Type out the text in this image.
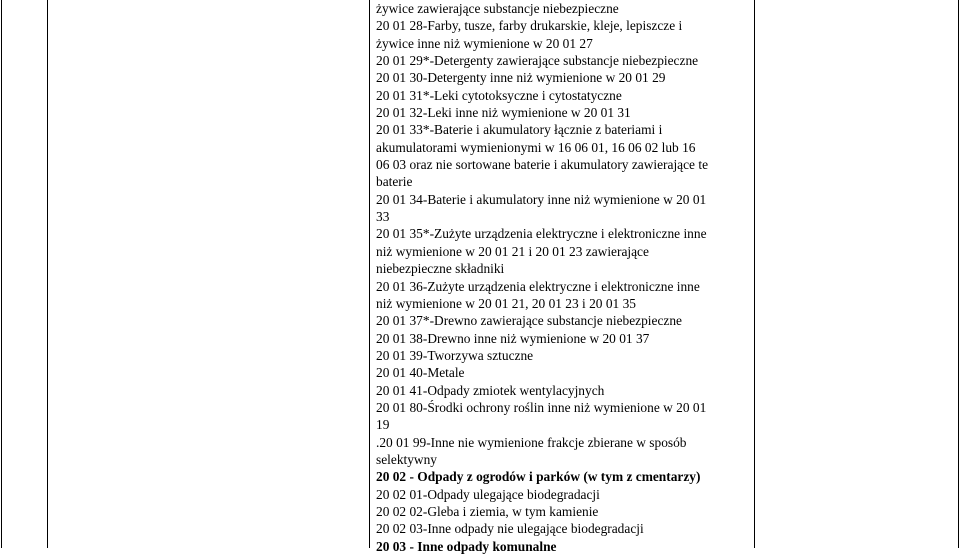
żywice zawierające substancje niebezpieczne
20 01 28-Farby, tusze, farby drukarskie, kleje, lepiszcze i
żywice inne niż wymienione w 20 01 27
20 01 29*-Detergenty zawierające substancje niebezpieczne
20 01 30-Detergenty inne niż wymienione w 20 01 29
20 01 31*-Leki cytotoksyczne i cytostatyczne
20 01 32-Leki inne niż wymienione w 20 01 31
20 01 33*-Baterie i akumulatory łącznie z bateriami i
akumulatorami wymienionymi w 16 06 01, 16 06 02 lub 16
06 03 oraz nie sortowane baterie i akumulatory zawierające te
baterie
20 01 34-Baterie i akumulatory inne niż wymienione w 20 01
33
20 01 35*-Zużyte urządzenia elektryczne i elektroniczne inne
niż wymienione w 20 01 21 i 20 01 23 zawierające
niebezpieczne składniki
20 01 36-Zużyte urządzenia elektryczne i elektroniczne inne
niż wymienione w 20 01 21, 20 01 23 i 20 01 35
20 01 37*-Drewno zawierające substancje niebezpieczne
20 01 38-Drewno inne niż wymienione w 20 01 37
20 01 39-Tworzywa sztuczne
20 01 40-Metale
20 01 41-Odpady zmiotek wentylacyjnych
20 01 80-Środki ochrony roślin inne niż wymienione w 20 01
19
.20 01 99-Inne nie wymienione frakcje zbierane w sposób
selektywny
20 02 - Odpady z ogrodów i parków (w tym z cmentarzy)
20 02 01-Odpady ulegające biodegradacji
20 02 02-Gleba i ziemia, w tym kamienie
20 02 03-Inne odpady nie ulegające biodegradacji
20 03 - Inne odpady komunalne
